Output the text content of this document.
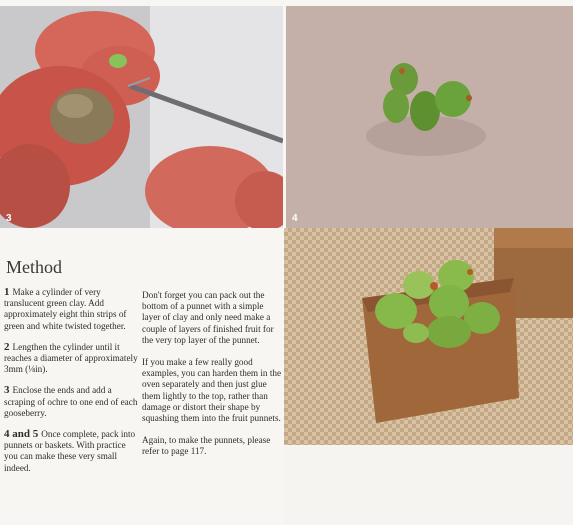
3	4
Method
1 Make a cylinder of very translucent green clay. Add approximately eight thin strips of green and white twisted together.
2 Lengthen the cylinder until it reaches a diameter of approximately 3mm (⅛in).
3 Enclose the ends and add a scraping of ochre to one end of each gooseberry.
4 and 5 Once complete, pack into punnets or baskets. With practice you can make these very small indeed.

Don't forget you can pack out the bottom of a punnet with a simple layer of clay and only need make a couple of layers of finished fruit for the very top layer of the punnet.

If you make a few really good examples, you can harden them in the oven separately and then just glue them lightly to the top, rather than damage or distort their shape by squashing them into the fruit punnets.

Again, to make the punnets, please refer to page 117.
